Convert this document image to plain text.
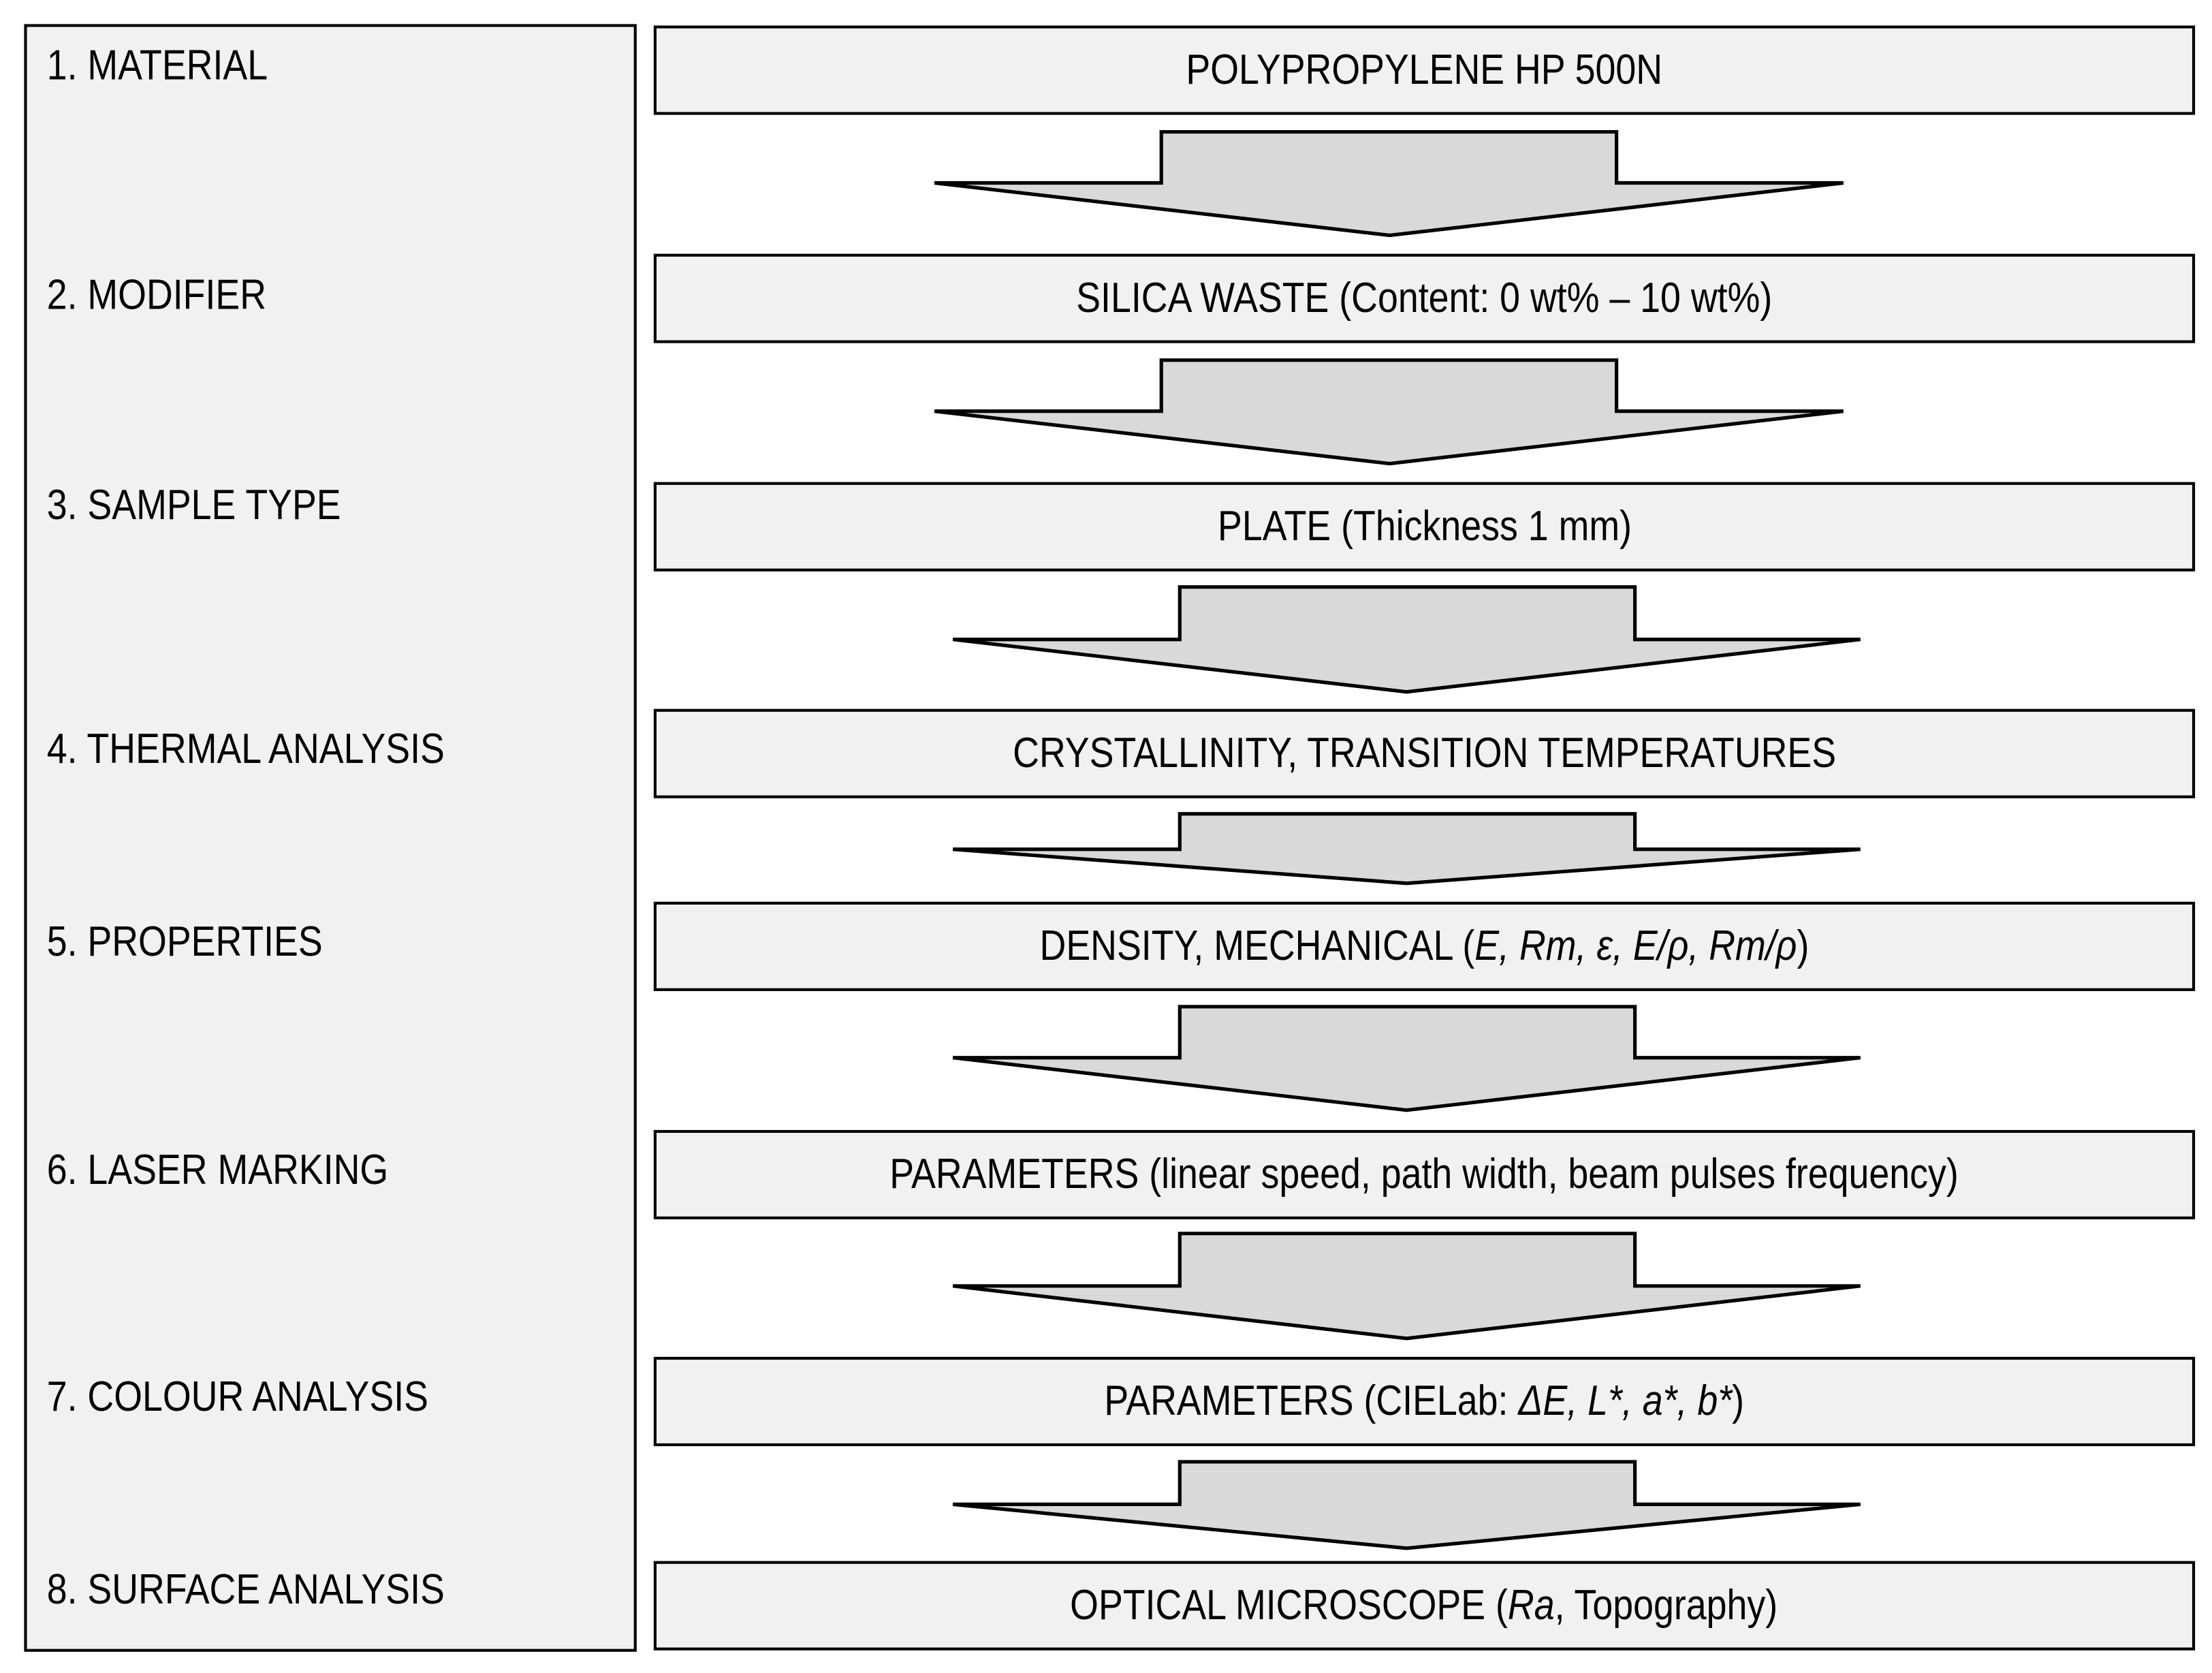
1. MATERIAL
2. MODIFIER
3. SAMPLE TYPE
4. THERMAL ANALYSIS
5. PROPERTIES
6. LASER MARKING
7. COLOUR ANALYSIS
8. SURFACE ANALYSIS
POLYPROPYLENE HP 500N
SILICA WASTE (Content: 0 wt% – 10 wt%)
PLATE (Thickness 1 mm)
CRYSTALLINITY, TRANSITION TEMPERATURES
DENSITY, MECHANICAL (E, Rm, ε, E/ρ, Rm/ρ)
PARAMETERS (linear speed, path width, beam pulses frequency)
PARAMETERS (CIELab: ΔE, L*, a*, b*)
OPTICAL MICROSCOPE (Ra, Topography)
